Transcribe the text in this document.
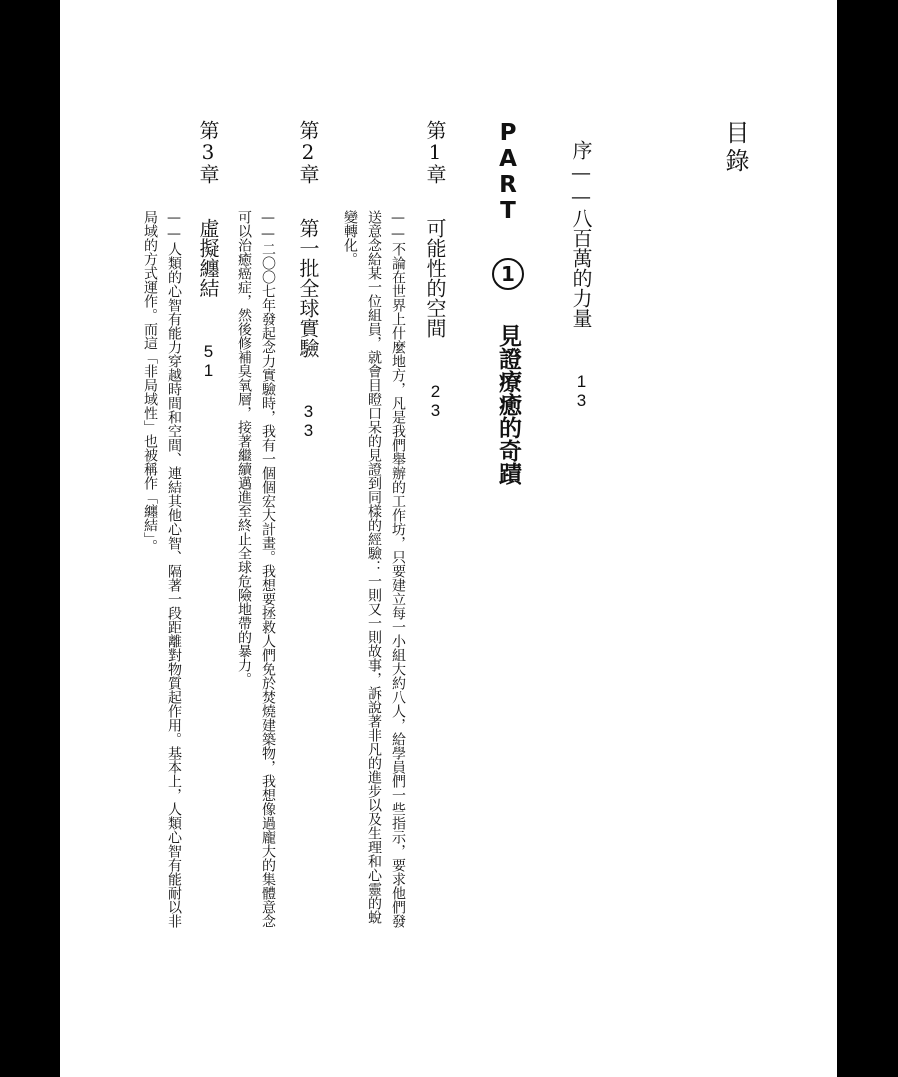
目錄
序——八百萬的力量 13
PART 1 見證療癒的奇蹟
第1章 可能性的空間 23
——不論在世界上什麼地方，凡是我們舉辦的工作坊，只要建立每一小組大約八人，給學員們一些指示，要求他們發送意念給某一位組員，就會目瞪口呆的見證到同樣的經驗：一則又一則故事，訴說著非凡的進步以及生理和心靈的蛻變轉化。
第2章 第一批全球實驗 33
——二〇〇七年發起念力實驗時，我有一個個宏大計畫。我想要拯救人們免於焚燒建築物，我想像過龐大的集體意念可以治癒癌症，然後修補臭氧層，接著繼續邁進至終止全球危險地帶的暴力。
第3章 虛擬纏結 51
——人類的心智有能力穿越時間和空間、連結其他心智、隔著一段距離對物質起作用。基本上，人類心智有能耐以非局域的方式運作。而這「非局域性」也被稱作「纏結」。
